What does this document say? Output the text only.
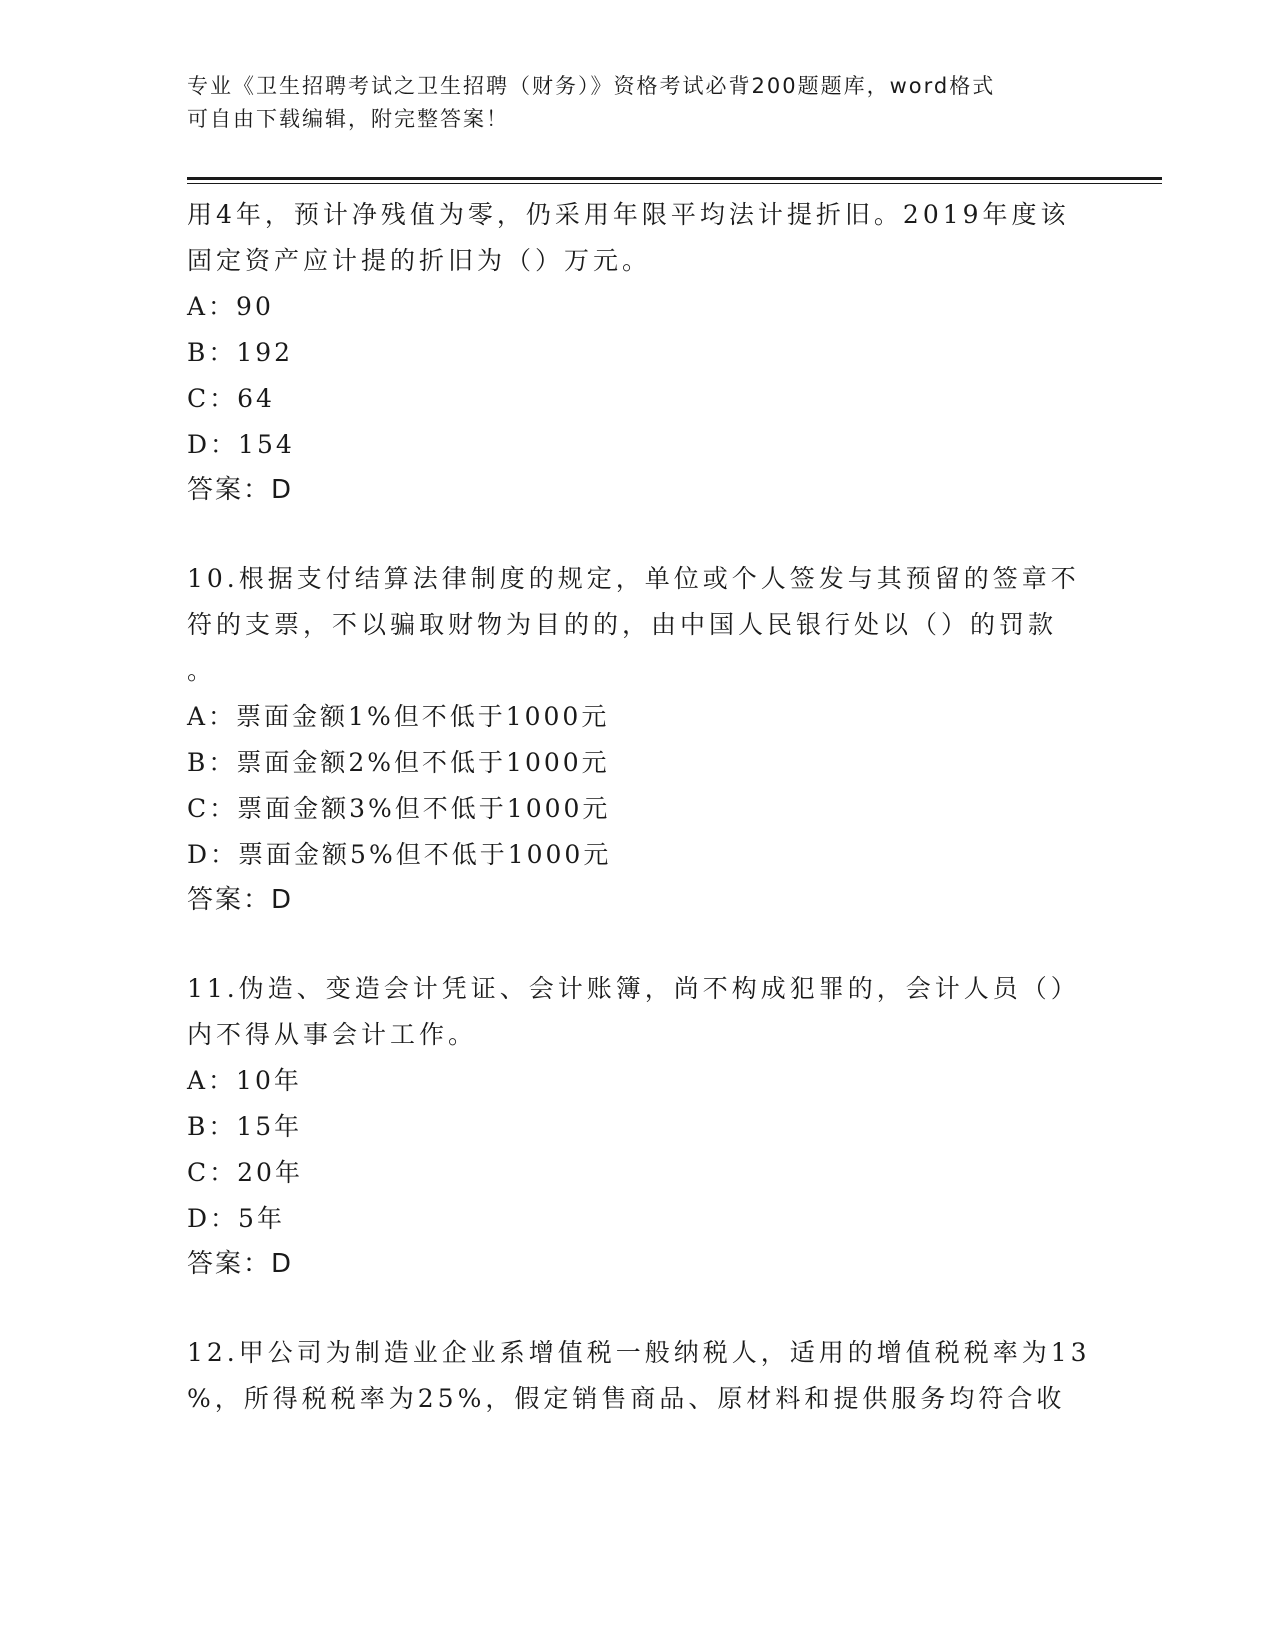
专业《卫生招聘考试之卫生招聘（财务）》资格考试必背200题题库，word格式
可自由下载编辑，附完整答案！

用4年，预计净残值为零，仍采用年限平均法计提折旧。2019年度该

固定资产应计提的折旧为（）万元。

A：90

B：192

C：64

D：154

答案：D

10.根据支付结算法律制度的规定，单位或个人签发与其预留的签章不

符的支票，不以骗取财物为目的的，由中国人民银行处以（）的罚款

。

A：票面金额1%但不低于1000元

B：票面金额2%但不低于1000元

C：票面金额3%但不低于1000元

D：票面金额5%但不低于1000元

答案：D

11.伪造、变造会计凭证、会计账簿，尚不构成犯罪的，会计人员（）

内不得从事会计工作。

A：10年

B：15年

C：20年

D：5年

答案：D

12.甲公司为制造业企业系增值税一般纳税人，适用的增值税税率为13

%，所得税税率为25%，假定销售商品、原材料和提供服务均符合收
